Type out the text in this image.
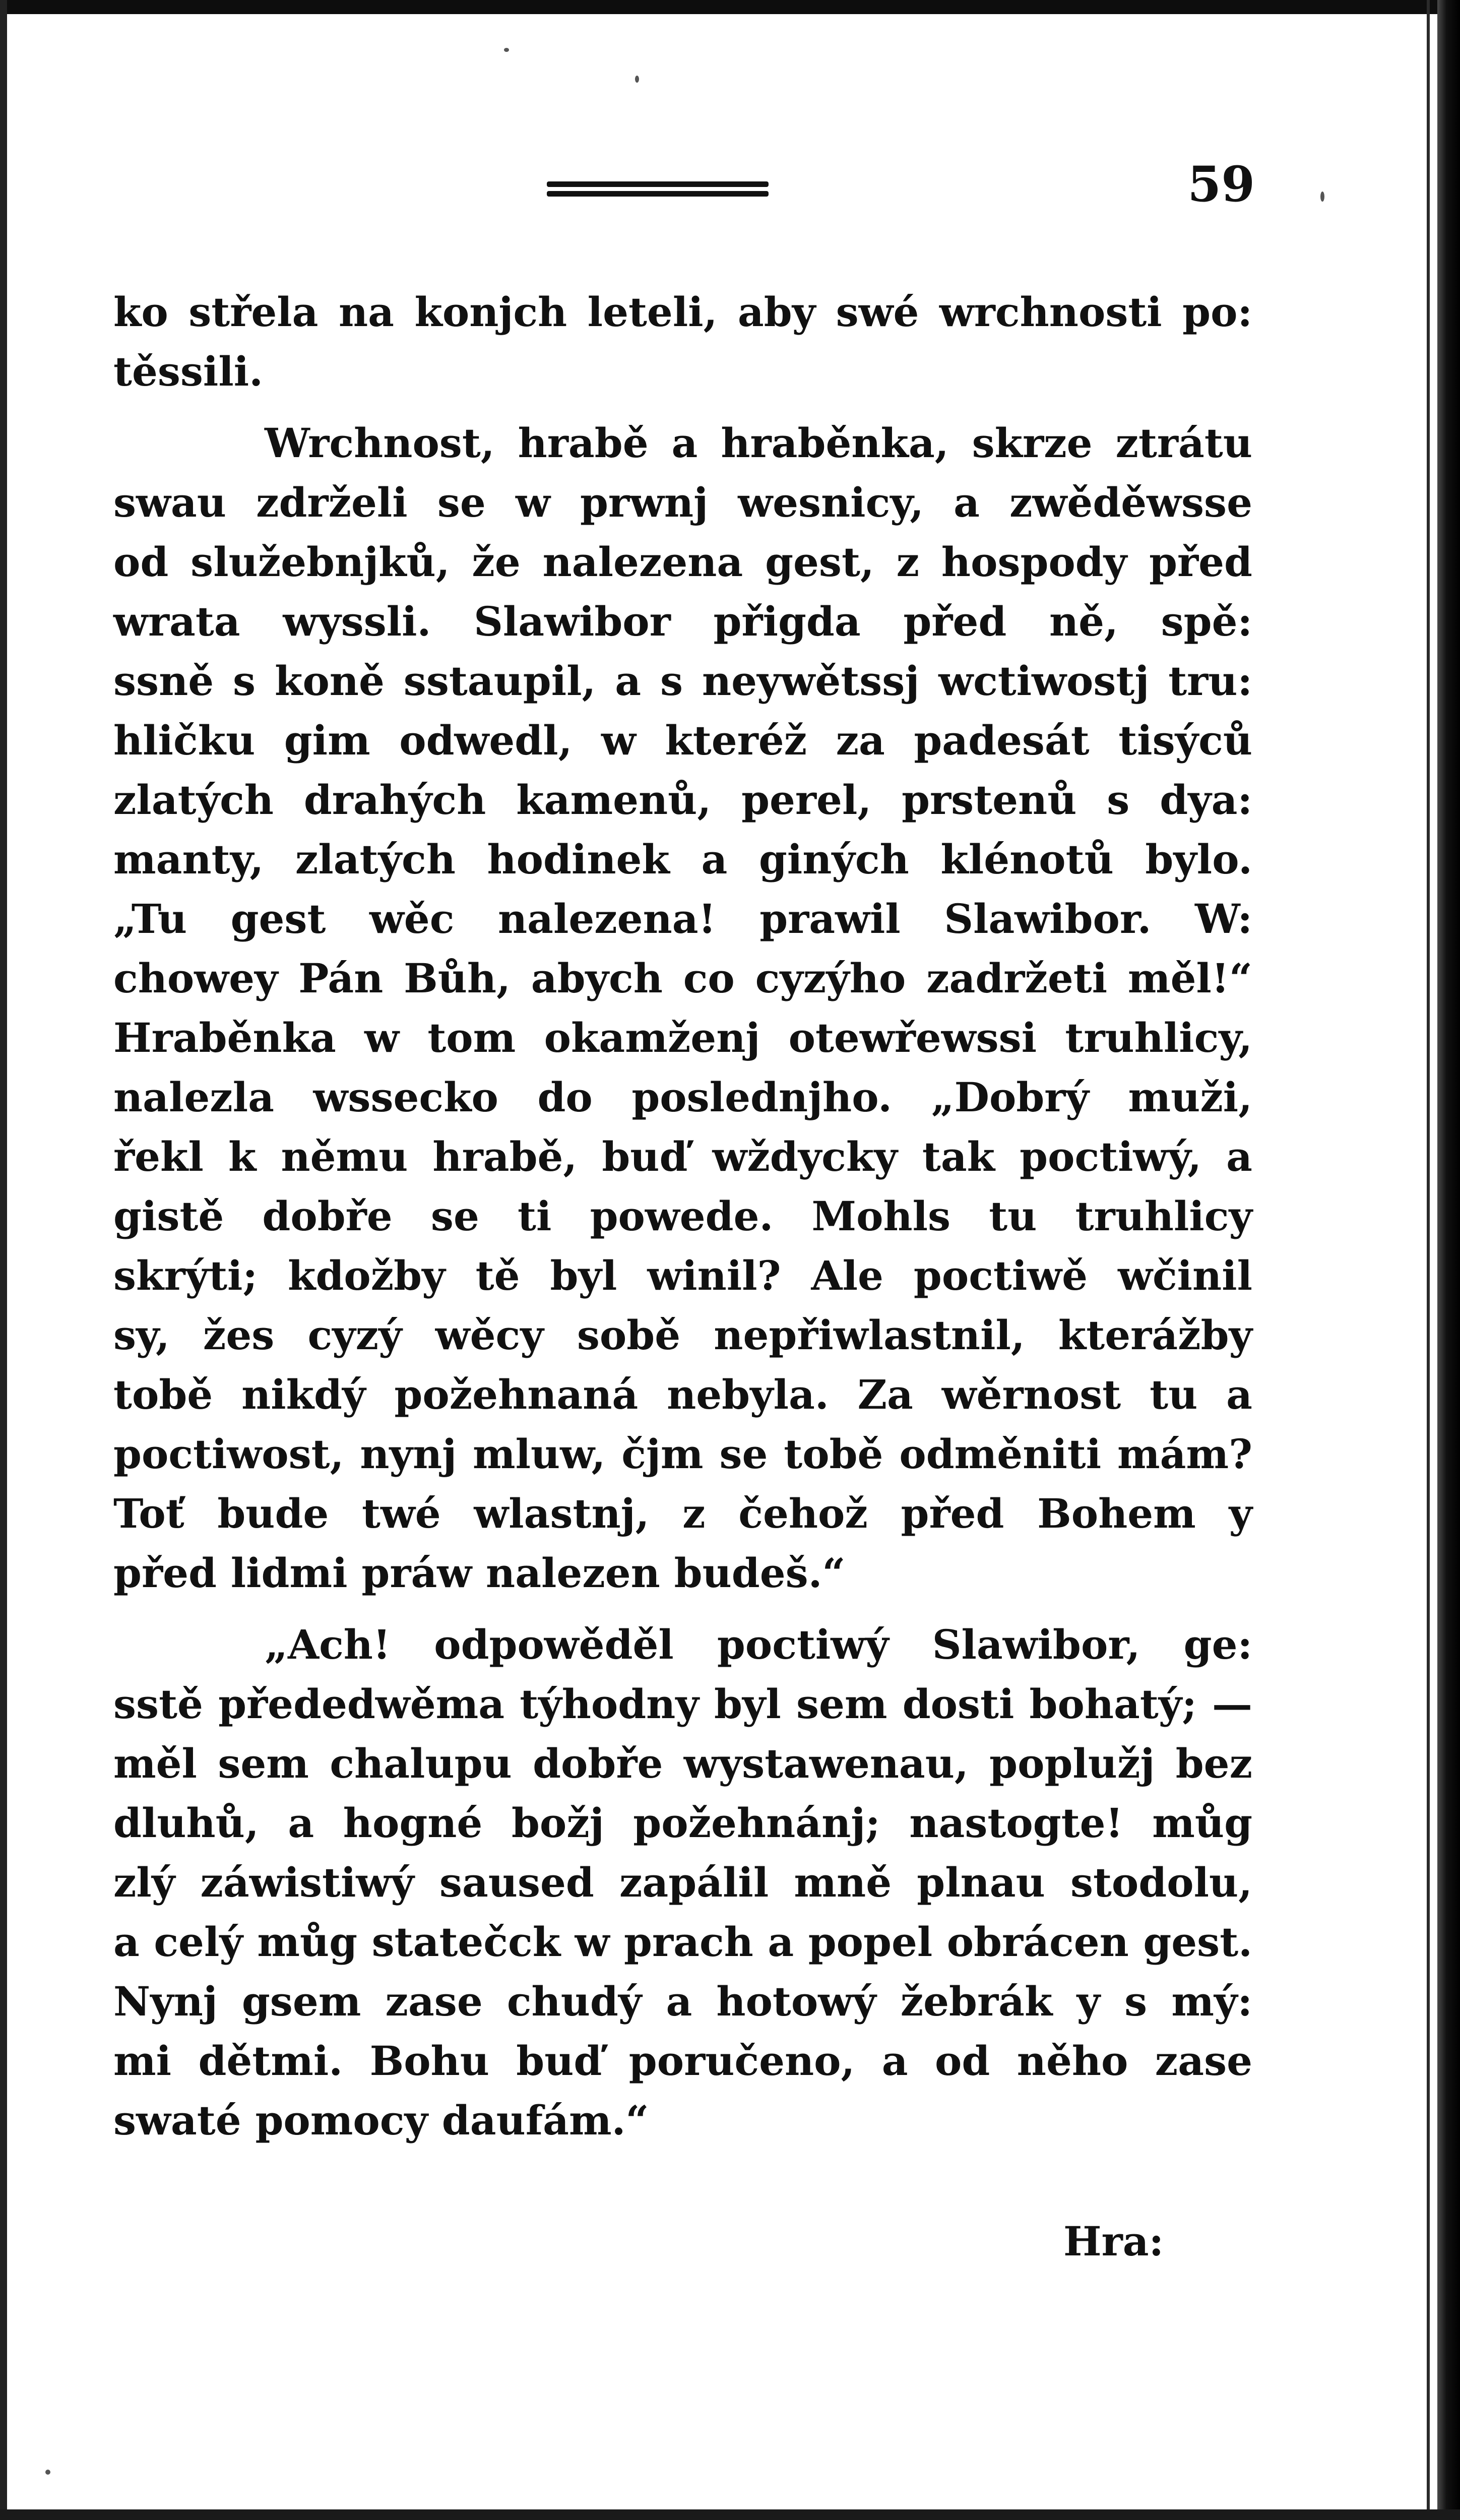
59
ko střela na konjch leteli, aby swé wrchnosti po:
těssili.
Wrchnost, hrabě a hraběnka, skrze ztrátu
swau zdrželi se w prwnj wesnicy, a zwěděwsse
od služebnjků, že nalezena gest, z hospody před
wrata wyssli. Slawibor přigda před ně, spě:
ssně s koně sstaupil, a s neywětssj wctiwostj tru:
hličku gim odwedl, w kteréž za padesát tisýců
zlatých drahých kamenů, perel, prstenů s dya:
manty, zlatých hodinek a giných klénotů bylo.
„Tu gest wěc nalezena! prawil Slawibor. W:
chowey Pán Bůh, abych co cyzýho zadržeti měl!“
Hraběnka w tom okamženj otewřewssi truhlicy,
nalezla wssecko do poslednjho. „Dobrý muži,
řekl k němu hrabě, buď wždycky tak poctiwý, a
gistě dobře se ti powede. Mohls tu truhlicy
skrýti; kdožby tě byl winil? Ale poctiwě wčinil
sy, žes cyzý wěcy sobě nepřiwlastnil, kterážby
tobě nikdý požehnaná nebyla. Za wěrnost tu a
poctiwost, nynj mluw, čjm se tobě odměniti mám?
Toť bude twé wlastnj, z čehož před Bohem y
před lidmi práw nalezen budeš.“
„Ach! odpowěděl poctiwý Slawibor, ge:
sstě přededwěma týhodny byl sem dosti bohatý; —
měl sem chalupu dobře wystawenau, poplužj bez
dluhů, a hogné božj požehnánj; nastogte! můg
zlý záwistiwý saused zapálil mně plnau stodolu,
a celý můg statečck w prach a popel obrácen gest.
Nynj gsem zase chudý a hotowý žebrák y s mý:
mi dětmi. Bohu buď poručeno, a od něho zase
swaté pomocy daufám.“
Hra:
